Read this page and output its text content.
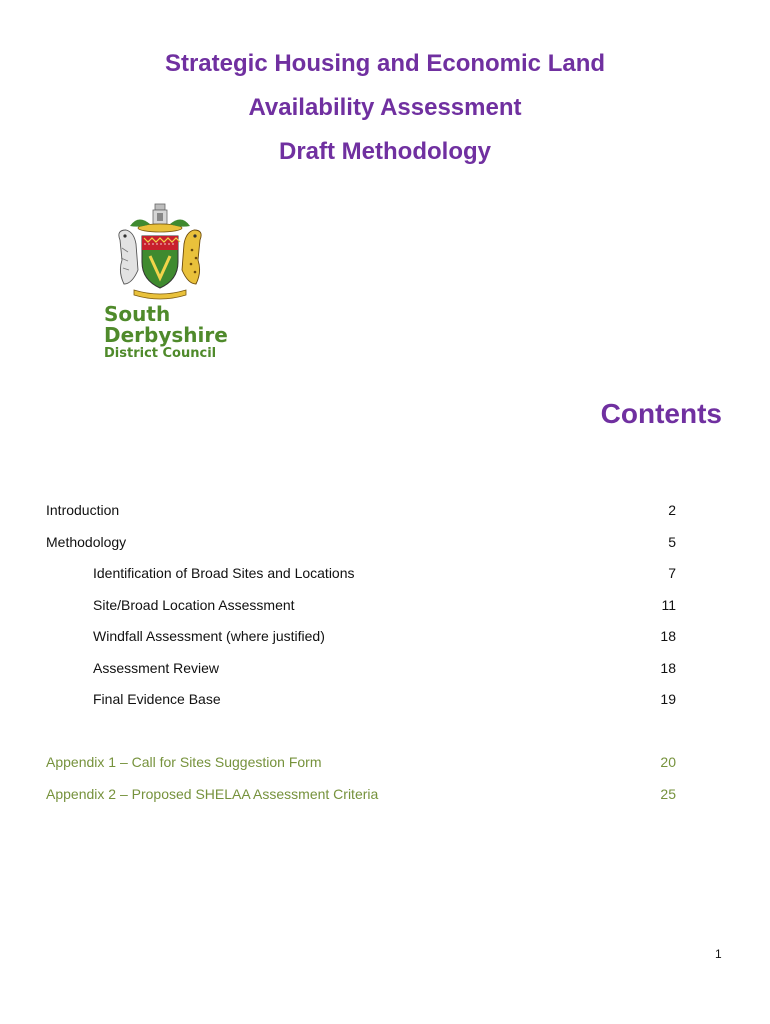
Strategic Housing and Economic Land

Availability Assessment

Draft Methodology

South
Derbyshire
District Council
Contents
Introduction	2
Methodology	5
Identification of Broad Sites and Locations	7
Site/Broad Location Assessment	11
Windfall Assessment (where justified)	18
Assessment Review	18
Final Evidence Base	19
Appendix 1 – Call for Sites Suggestion Form	20
Appendix 2 – Proposed SHELAA Assessment Criteria	25
1
